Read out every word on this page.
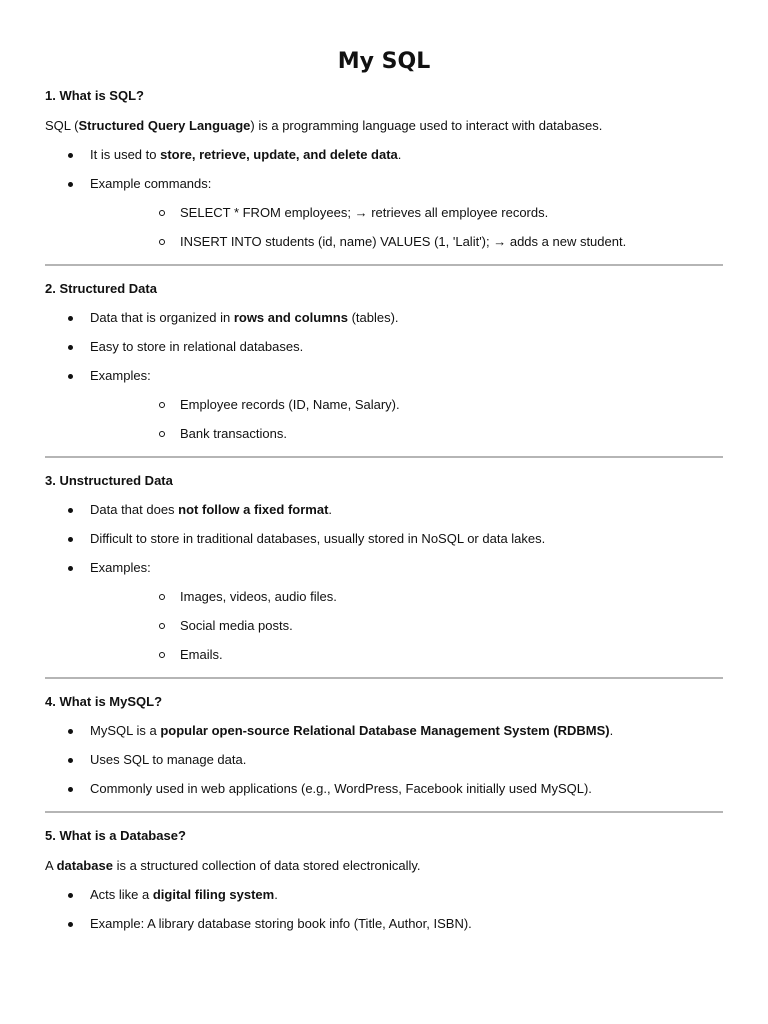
My SQL

1. What is SQL?

SQL (Structured Query Language) is a programming language used to interact with databases.

It is used to store, retrieve, update, and delete data.
Example commands:
SELECT * FROM employees; → retrieves all employee records.
INSERT INTO students (id, name) VALUES (1, 'Lalit'); → adds a new student.

2. Structured Data

Data that is organized in rows and columns (tables).
Easy to store in relational databases.
Examples:
Employee records (ID, Name, Salary).
Bank transactions.

3. Unstructured Data

Data that does not follow a fixed format.
Difficult to store in traditional databases, usually stored in NoSQL or data lakes.
Examples:
Images, videos, audio files.
Social media posts.
Emails.

4. What is MySQL?

MySQL is a popular open-source Relational Database Management System (RDBMS).
Uses SQL to manage data.
Commonly used in web applications (e.g., WordPress, Facebook initially used MySQL).

5. What is a Database?

A database is a structured collection of data stored electronically.

Acts like a digital filing system.
Example: A library database storing book info (Title, Author, ISBN).
